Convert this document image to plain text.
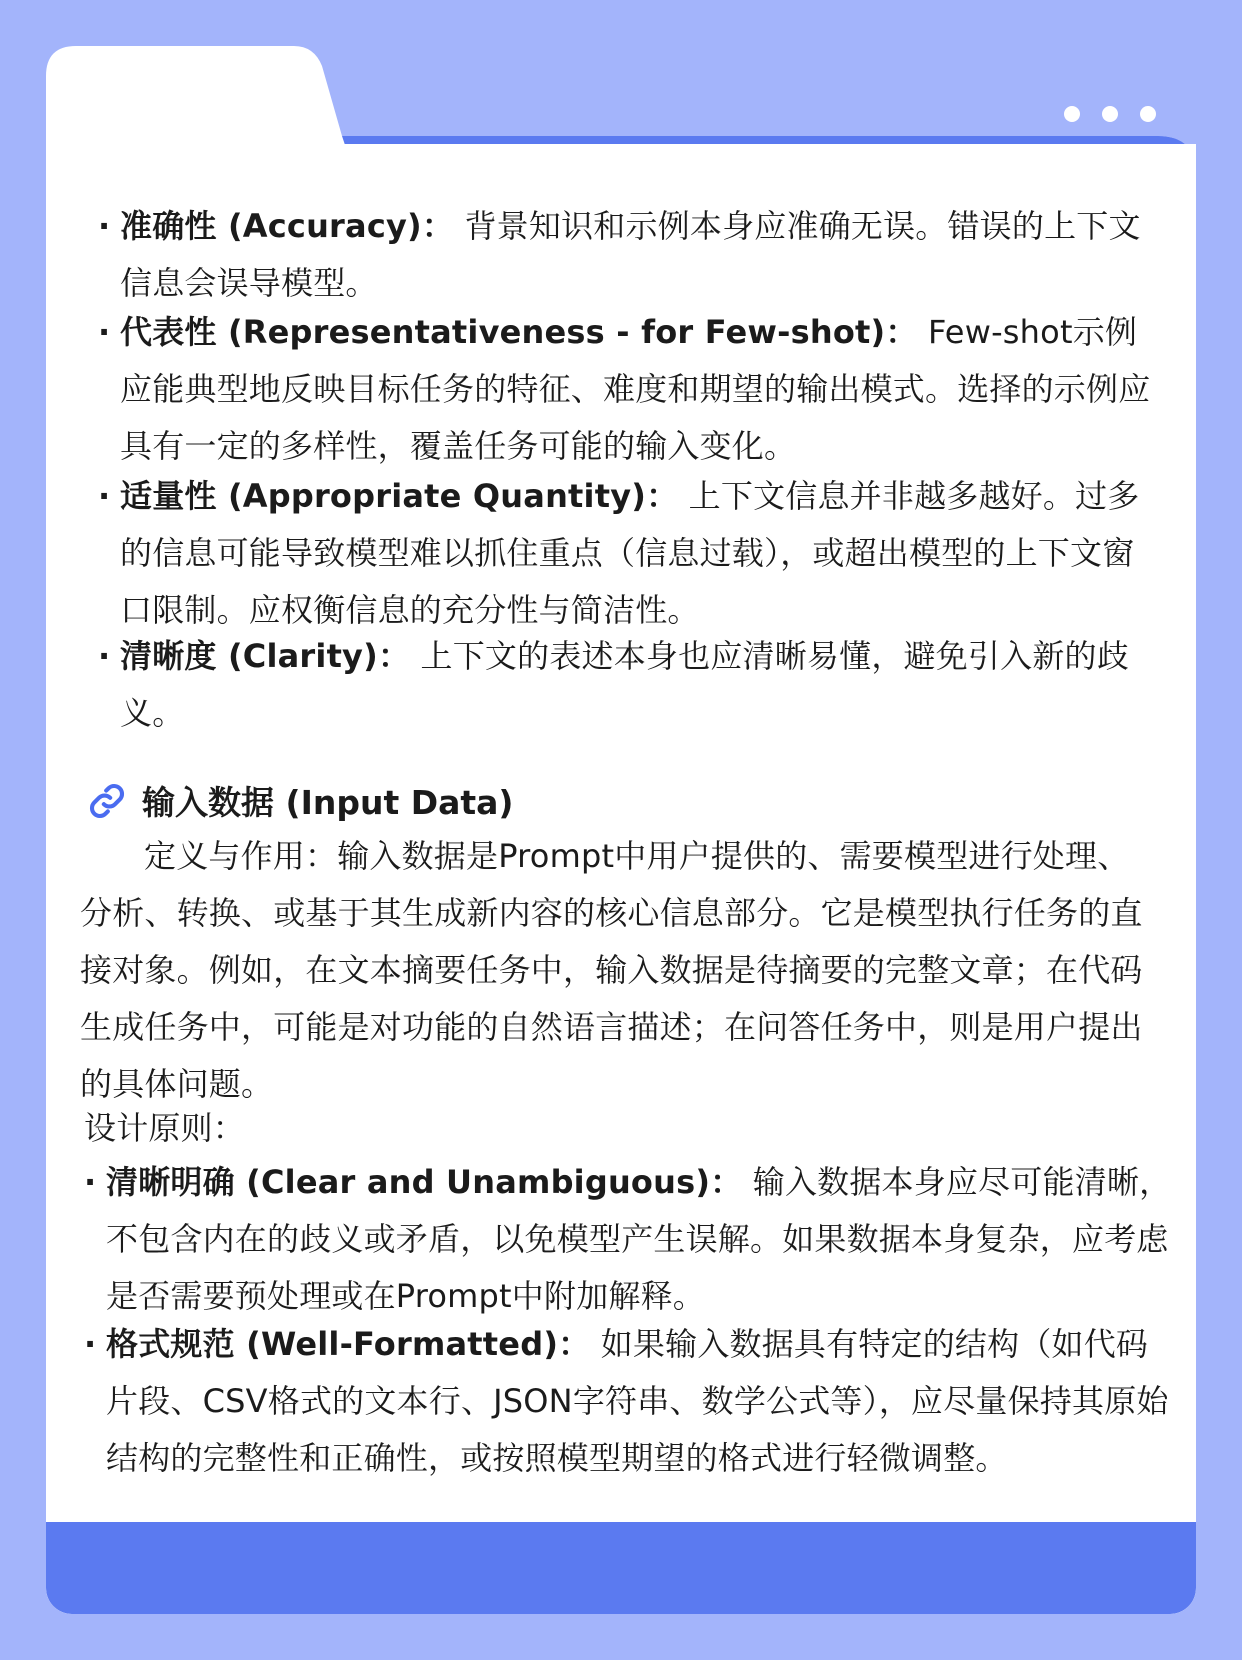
· 准确性 (Accuracy)： 背景知识和示例本身应准确无误。错误的上下文信息会误导模型。
· 代表性 (Representativeness - for Few-shot)： Few-shot示例应能典型地反映目标任务的特征、难度和期望的输出模式。选择的示例应具有一定的多样性，覆盖任务可能的输入变化。
· 适量性 (Appropriate Quantity)： 上下文信息并非越多越好。过多的信息可能导致模型难以抓住重点（信息过载），或超出模型的上下文窗口限制。应权衡信息的充分性与简洁性。
· 清晰度 (Clarity)： 上下文的表述本身也应清晰易懂，避免引入新的歧义。
输入数据 (Input Data)
定义与作用：输入数据是Prompt中用户提供的、需要模型进行处理、分析、转换、或基于其生成新内容的核心信息部分。它是模型执行任务的直接对象。例如，在文本摘要任务中，输入数据是待摘要的完整文章；在代码生成任务中，可能是对功能的自然语言描述；在问答任务中，则是用户提出的具体问题。
设计原则：
· 清晰明确 (Clear and Unambiguous)： 输入数据本身应尽可能清晰，不包含内在的歧义或矛盾，以免模型产生误解。如果数据本身复杂，应考虑是否需要预处理或在Prompt中附加解释。
· 格式规范 (Well-Formatted)： 如果输入数据具有特定的结构（如代码片段、CSV格式的文本行、JSON字符串、数学公式等），应尽量保持其原始结构的完整性和正确性，或按照模型期望的格式进行轻微调整。
